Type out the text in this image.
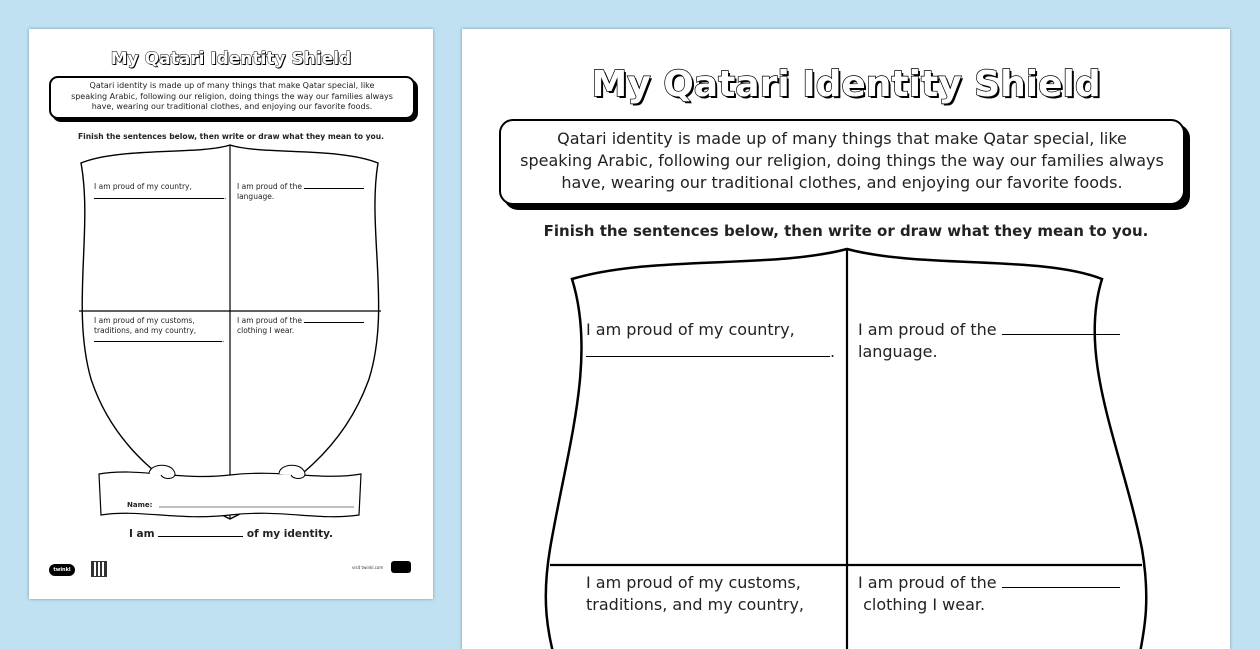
My Qatari Identity Shield
Qatari identity is made up of many things that make Qatar special, like
speaking Arabic, following our religion, doing things the way our families always
have, wearing our traditional clothes, and enjoying our favorite foods.
Finish the sentences below, then write or draw what they mean to you.
I am proud of my country,
.
I am proud of the
language.
I am proud of my customs,
traditions, and my country,
.
I am proud of the
clothing I wear.
Name:
I am	of my identity.
twinkl	visit twinkl.com
My Qatari Identity Shield
Qatari identity is made up of many things that make Qatar special, like
speaking Arabic, following our religion, doing things the way our families always
have, wearing our traditional clothes, and enjoying our favorite foods.
Finish the sentences below, then write or draw what they mean to you.
I am proud of my country,
.
I am proud of the
language.
I am proud of my customs,
traditions, and my country,
I am proud of the
clothing I wear.
